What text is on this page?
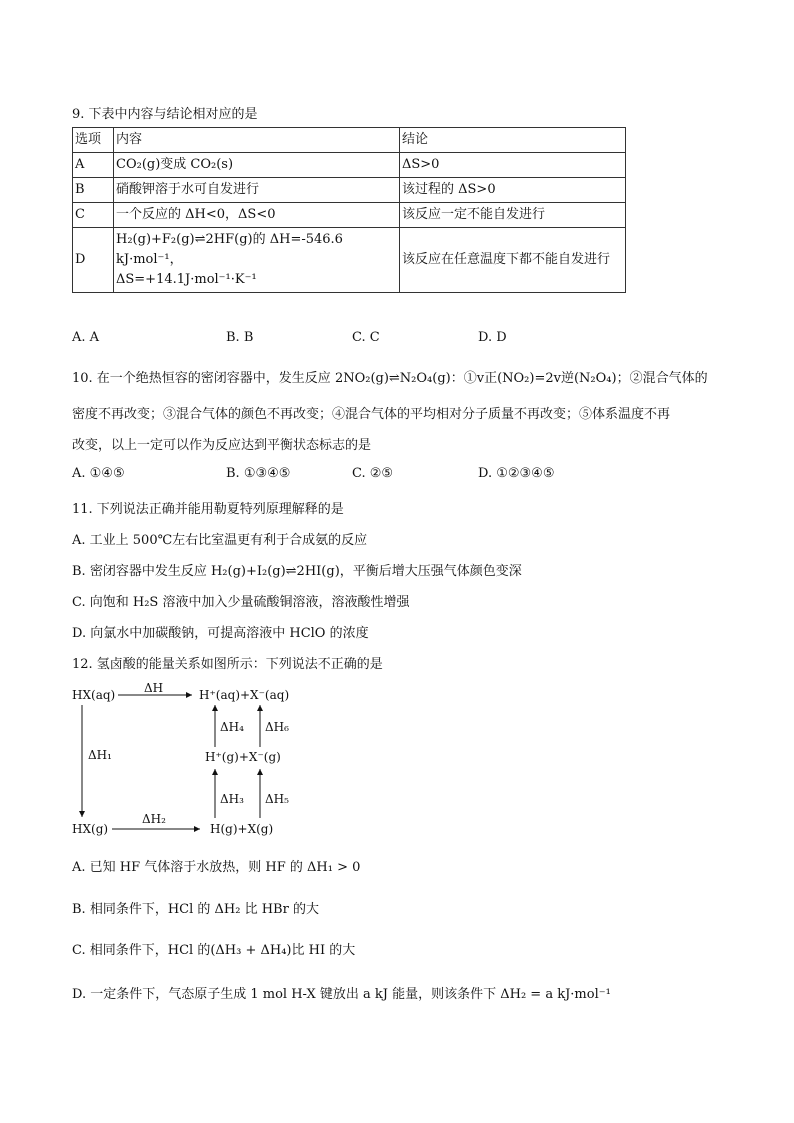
9. 下表中内容与结论相对应的是
选项	内容	结论
A	CO₂(g)变成 CO₂(s)	ΔS>0
B	硝酸钾溶于水可自发进行	该过程的 ΔS>0
C	一个反应的 ΔH<0，ΔS<0	该反应一定不能自发进行
D	H₂(g)+F₂(g)⇌2HF(g)的 ΔH=-546.6 kJ·mol⁻¹，
ΔS=+14.1J·mol⁻¹·K⁻¹	该反应在任意温度下都不能自发进行
A. A	B. B	C. C	D. D
10. 在一个绝热恒容的密闭容器中，发生反应 2NO₂(g)⇌N₂O₄(g)：①v正(NO₂)=2v逆(N₂O₄)；②混合气体的
密度不再改变；③混合气体的颜色不再改变；④混合气体的平均相对分子质量不再改变；⑤体系温度不再
改变，以上一定可以作为反应达到平衡状态标志的是
A. ①④⑤	B. ①③④⑤	C. ②⑤	D. ①②③④⑤
11. 下列说法正确并能用勒夏特列原理解释的是
A. 工业上 500℃左右比室温更有利于合成氨的反应
B. 密闭容器中发生反应 H₂(g)+I₂(g)⇌2HI(g)，平衡后增大压强气体颜色变深
C. 向饱和 H₂S 溶液中加入少量硫酸铜溶液，溶液酸性增强
D. 向氯水中加碳酸钠，可提高溶液中 HClO 的浓度
12. 氢卤酸的能量关系如图所示：下列说法不正确的是
HX(aq)	H⁺(aq)+X⁻(aq)
H⁺(g)+X⁻(g)
HX(g)	H(g)+X(g)
ΔH
ΔH₁
ΔH₂
ΔH₃
ΔH₄
ΔH₅
ΔH₆
A. 已知 HF 气体溶于水放热，则 HF 的 ΔH₁ > 0
B. 相同条件下，HCl 的 ΔH₂ 比 HBr 的大
C. 相同条件下，HCl 的(ΔH₃ + ΔH₄)比 HI 的大
D. 一定条件下，气态原子生成 1 mol H-X 键放出 a kJ 能量，则该条件下 ΔH₂ = a kJ·mol⁻¹
